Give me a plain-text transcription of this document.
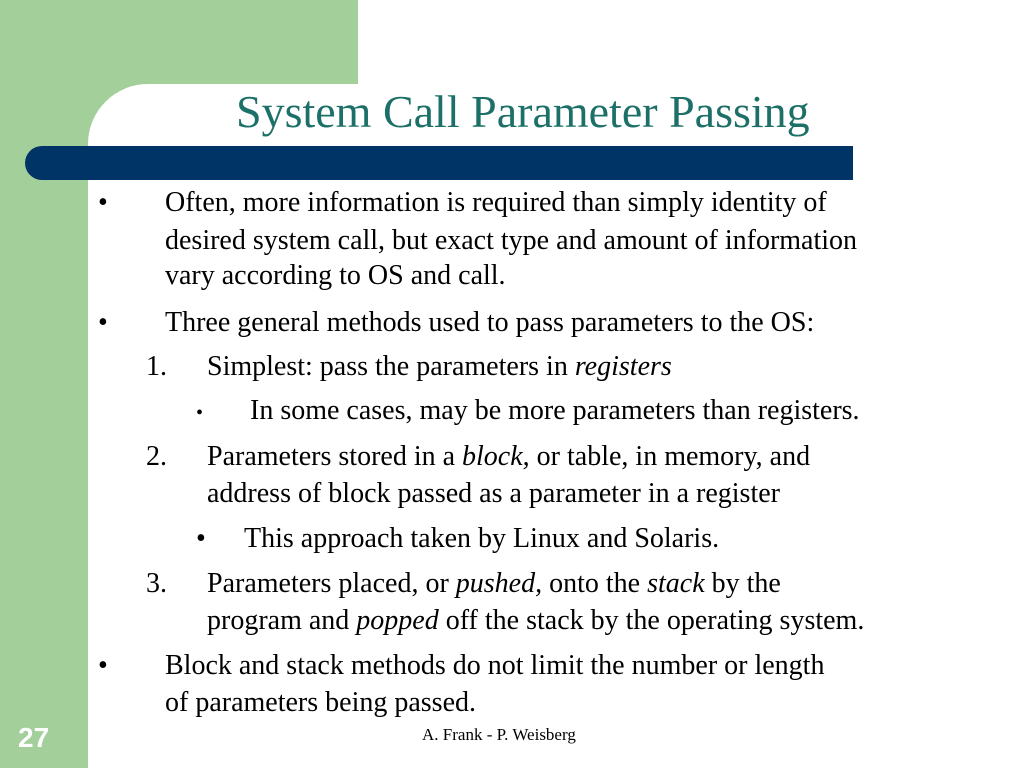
System Call Parameter Passing
• Often, more information is required than simply identity of
desired system call, but exact type and amount of information
vary according to OS and call.
• Three general methods used to pass parameters to the OS:
1. Simplest: pass the parameters in registers
• In some cases, may be more parameters than registers.
2. Parameters stored in a block, or table, in memory, and
address of block passed as a parameter in a register
• This approach taken by Linux and Solaris.
3. Parameters placed, or pushed, onto the stack by the
program and popped off the stack by the operating system.
• Block and stack methods do not limit the number or length
of parameters being passed.
27	A. Frank - P. Weisberg
